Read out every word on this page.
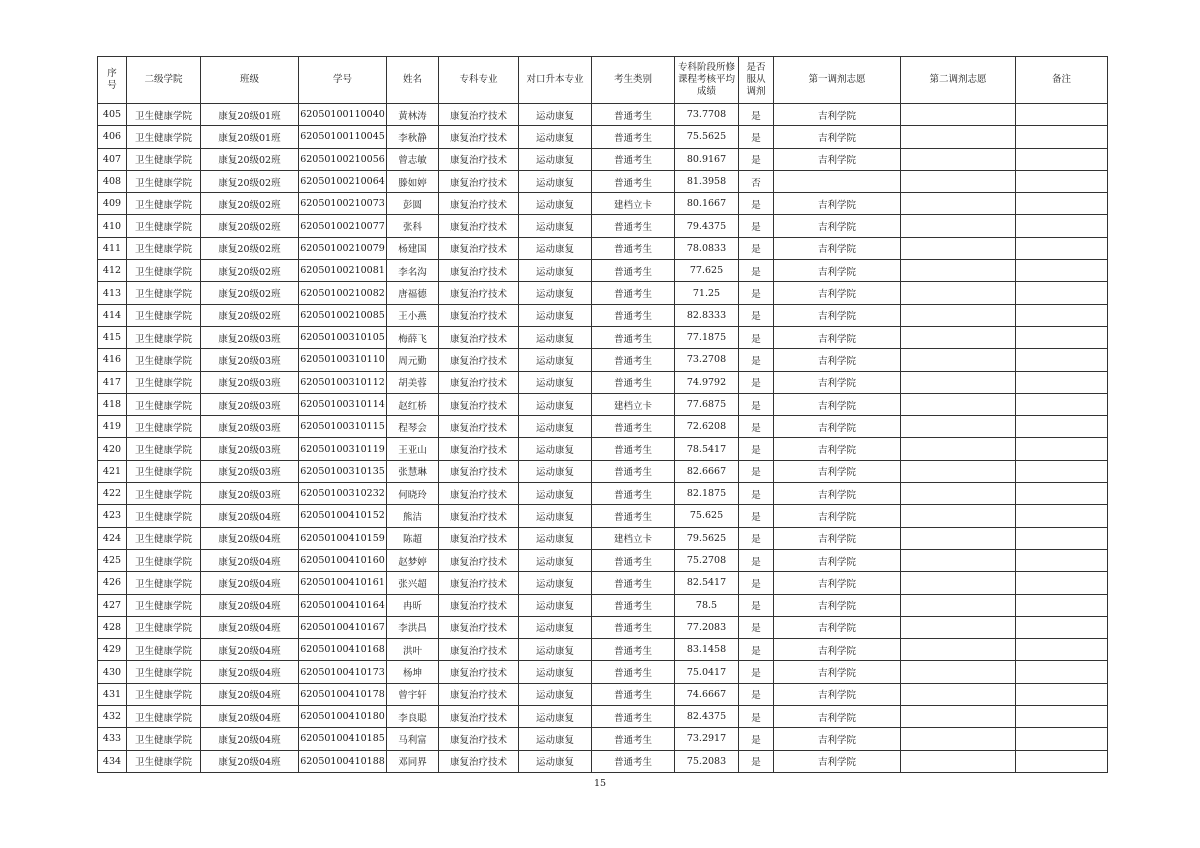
序号	二级学院	班级	学号	姓名	专科专业	对口升本专业	考生类别	专科阶段所修课程考核平均成绩	是否服从调剂	第一调剂志愿	第二调剂志愿	备注
405	卫生健康学院	康复20级01班	62050100110040	黄林涛	康复治疗技术	运动康复	普通考生	73.7708	是	吉利学院		
406	卫生健康学院	康复20级01班	62050100110045	李秋静	康复治疗技术	运动康复	普通考生	75.5625	是	吉利学院		
407	卫生健康学院	康复20级02班	62050100210056	曾志敏	康复治疗技术	运动康复	普通考生	80.9167	是	吉利学院		
408	卫生健康学院	康复20级02班	62050100210064	滕如婷	康复治疗技术	运动康复	普通考生	81.3958	否			
409	卫生健康学院	康复20级02班	62050100210073	彭圆	康复治疗技术	运动康复	建档立卡	80.1667	是	吉利学院		
410	卫生健康学院	康复20级02班	62050100210077	张科	康复治疗技术	运动康复	普通考生	79.4375	是	吉利学院		
411	卫生健康学院	康复20级02班	62050100210079	杨建国	康复治疗技术	运动康复	普通考生	78.0833	是	吉利学院		
412	卫生健康学院	康复20级02班	62050100210081	李名沟	康复治疗技术	运动康复	普通考生	77.625	是	吉利学院		
413	卫生健康学院	康复20级02班	62050100210082	唐福德	康复治疗技术	运动康复	普通考生	71.25	是	吉利学院		
414	卫生健康学院	康复20级02班	62050100210085	王小燕	康复治疗技术	运动康复	普通考生	82.8333	是	吉利学院		
415	卫生健康学院	康复20级03班	62050100310105	梅薛飞	康复治疗技术	运动康复	普通考生	77.1875	是	吉利学院		
416	卫生健康学院	康复20级03班	62050100310110	周元勤	康复治疗技术	运动康复	普通考生	73.2708	是	吉利学院		
417	卫生健康学院	康复20级03班	62050100310112	胡美蓉	康复治疗技术	运动康复	普通考生	74.9792	是	吉利学院		
418	卫生健康学院	康复20级03班	62050100310114	赵红桥	康复治疗技术	运动康复	建档立卡	77.6875	是	吉利学院		
419	卫生健康学院	康复20级03班	62050100310115	程琴会	康复治疗技术	运动康复	普通考生	72.6208	是	吉利学院		
420	卫生健康学院	康复20级03班	62050100310119	王亚山	康复治疗技术	运动康复	普通考生	78.5417	是	吉利学院		
421	卫生健康学院	康复20级03班	62050100310135	张慧琳	康复治疗技术	运动康复	普通考生	82.6667	是	吉利学院		
422	卫生健康学院	康复20级03班	62050100310232	何晓玲	康复治疗技术	运动康复	普通考生	82.1875	是	吉利学院		
423	卫生健康学院	康复20级04班	62050100410152	熊洁	康复治疗技术	运动康复	普通考生	75.625	是	吉利学院		
424	卫生健康学院	康复20级04班	62050100410159	陈超	康复治疗技术	运动康复	建档立卡	79.5625	是	吉利学院		
425	卫生健康学院	康复20级04班	62050100410160	赵梦婷	康复治疗技术	运动康复	普通考生	75.2708	是	吉利学院		
426	卫生健康学院	康复20级04班	62050100410161	张兴超	康复治疗技术	运动康复	普通考生	82.5417	是	吉利学院		
427	卫生健康学院	康复20级04班	62050100410164	冉昕	康复治疗技术	运动康复	普通考生	78.5	是	吉利学院		
428	卫生健康学院	康复20级04班	62050100410167	李洪昌	康复治疗技术	运动康复	普通考生	77.2083	是	吉利学院		
429	卫生健康学院	康复20级04班	62050100410168	洪叶	康复治疗技术	运动康复	普通考生	83.1458	是	吉利学院		
430	卫生健康学院	康复20级04班	62050100410173	杨坤	康复治疗技术	运动康复	普通考生	75.0417	是	吉利学院		
431	卫生健康学院	康复20级04班	62050100410178	曾宇轩	康复治疗技术	运动康复	普通考生	74.6667	是	吉利学院		
432	卫生健康学院	康复20级04班	62050100410180	李良聪	康复治疗技术	运动康复	普通考生	82.4375	是	吉利学院		
433	卫生健康学院	康复20级04班	62050100410185	马利富	康复治疗技术	运动康复	普通考生	73.2917	是	吉利学院		
434	卫生健康学院	康复20级04班	62050100410188	邓同界	康复治疗技术	运动康复	普通考生	75.2083	是	吉利学院		
15
